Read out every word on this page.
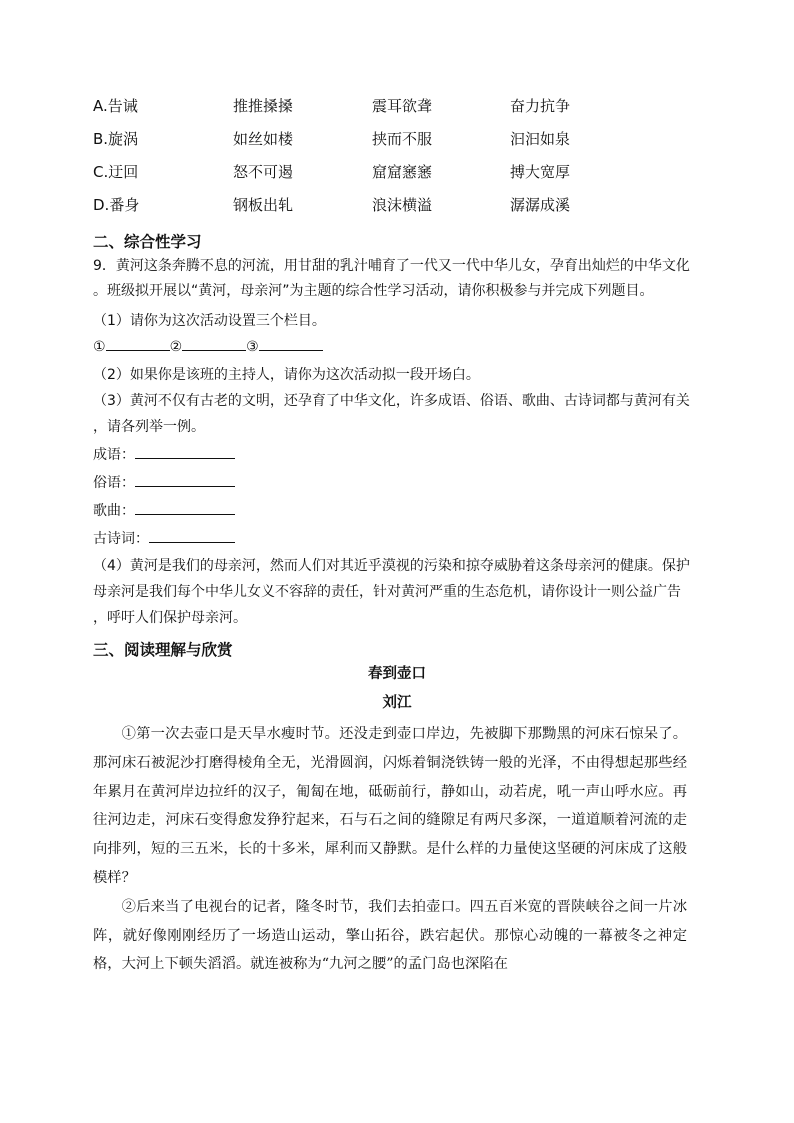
A.告诫	推推搡搡	震耳欲聋	奋力抗争
B.旋涡	如丝如楼	挟而不服	汩汩如泉
C.迂回	怒不可遏	窟窟窸窸	搏大宽厚
D.番身	钢板出轧	浪沫横溢	潺潺成溪
二、综合性学习
9．黄河这条奔腾不息的河流，用甘甜的乳汁哺育了一代又一代中华儿女，孕育出灿烂的中华文化
。班级拟开展以“黄河，母亲河”为主题的综合性学习活动，请你积极参与并完成下列题目。
（1）请你为这次活动设置三个栏目。
①	②	③
（2）如果你是该班的主持人，请你为这次活动拟一段开场白。
（3）黄河不仅有古老的文明，还孕育了中华文化，许多成语、俗语、歌曲、古诗词都与黄河有关
，请各列举一例。
成语：
俗语：
歌曲：
古诗词：
（4）黄河是我们的母亲河，然而人们对其近乎漠视的污染和掠夺威胁着这条母亲河的健康。保护
母亲河是我们每个中华儿女义不容辞的责任，针对黄河严重的生态危机，请你设计一则公益广告
，呼吁人们保护母亲河。
三、阅读理解与欣赏
春到壶口
刘江

①第一次去壶口是天旱水瘦时节。还没走到壶口岸边，先被脚下那黝黑的河床石惊呆了。那河床石被泥沙打磨得棱角全无，光滑圆润，闪烁着铜浇铁铸一般的光泽，不由得想起那些经年累月在黄河岸边拉纤的汉子，匍匐在地，砥砺前行，静如山，动若虎，吼一声山呼水应。再往河边走，河床石变得愈发狰狞起来，石与石之间的缝隙足有两尺多深，一道道顺着河流的走向排列，短的三五米，长的十多米，犀利而又静默。是什么样的力量使这坚硬的河床成了这般模样？

②后来当了电视台的记者，隆冬时节，我们去拍壶口。四五百米宽的晋陕峡谷之间一片冰阵，就好像刚刚经历了一场造山运动，擎山拓谷，跌宕起伏。那惊心动魄的一幕被冬之神定格，大河上下顿失滔滔。就连被称为“九河之腰”的孟门岛也深陷在
